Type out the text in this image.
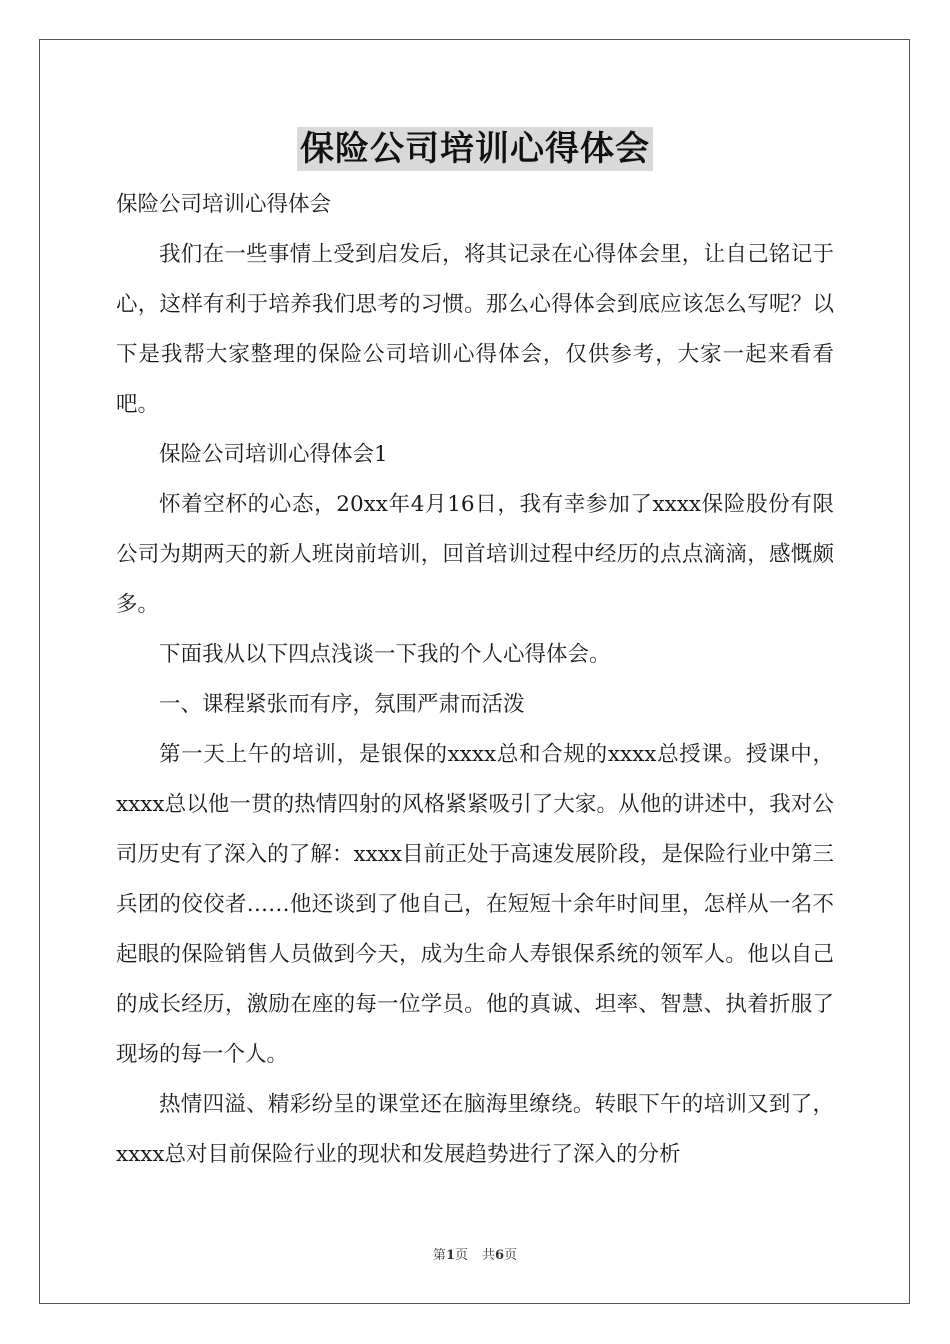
保险公司培训心得体会

保险公司培训心得体会

我们在一些事情上受到启发后，将其记录在心得体会里，让自己铭记于心，这样有利于培养我们思考的习惯。那么心得体会到底应该怎么写呢？以下是我帮大家整理的保险公司培训心得体会，仅供参考，大家一起来看看吧。

保险公司培训心得体会1

怀着空杯的心态，20xx年4月16日，我有幸参加了xxxx保险股份有限公司为期两天的新人班岗前培训，回首培训过程中经历的点点滴滴，感慨颇多。

下面我从以下四点浅谈一下我的个人心得体会。

一、课程紧张而有序，氛围严肃而活泼

第一天上午的培训，是银保的xxxx总和合规的xxxx总授课。授课中，xxxx总以他一贯的热情四射的风格紧紧吸引了大家。从他的讲述中，我对公司历史有了深入的了解：xxxx目前正处于高速发展阶段，是保险行业中第三兵团的佼佼者……他还谈到了他自己，在短短十余年时间里，怎样从一名不起眼的保险销售人员做到今天，成为生命人寿银保系统的领军人。他以自己的成长经历，激励在座的每一位学员。他的真诚、坦率、智慧、执着折服了现场的每一个人。

热情四溢、精彩纷呈的课堂还在脑海里缭绕。转眼下午的培训又到了，xxxx总对目前保险行业的现状和发展趋势进行了深入的分析

第1页 共6页
